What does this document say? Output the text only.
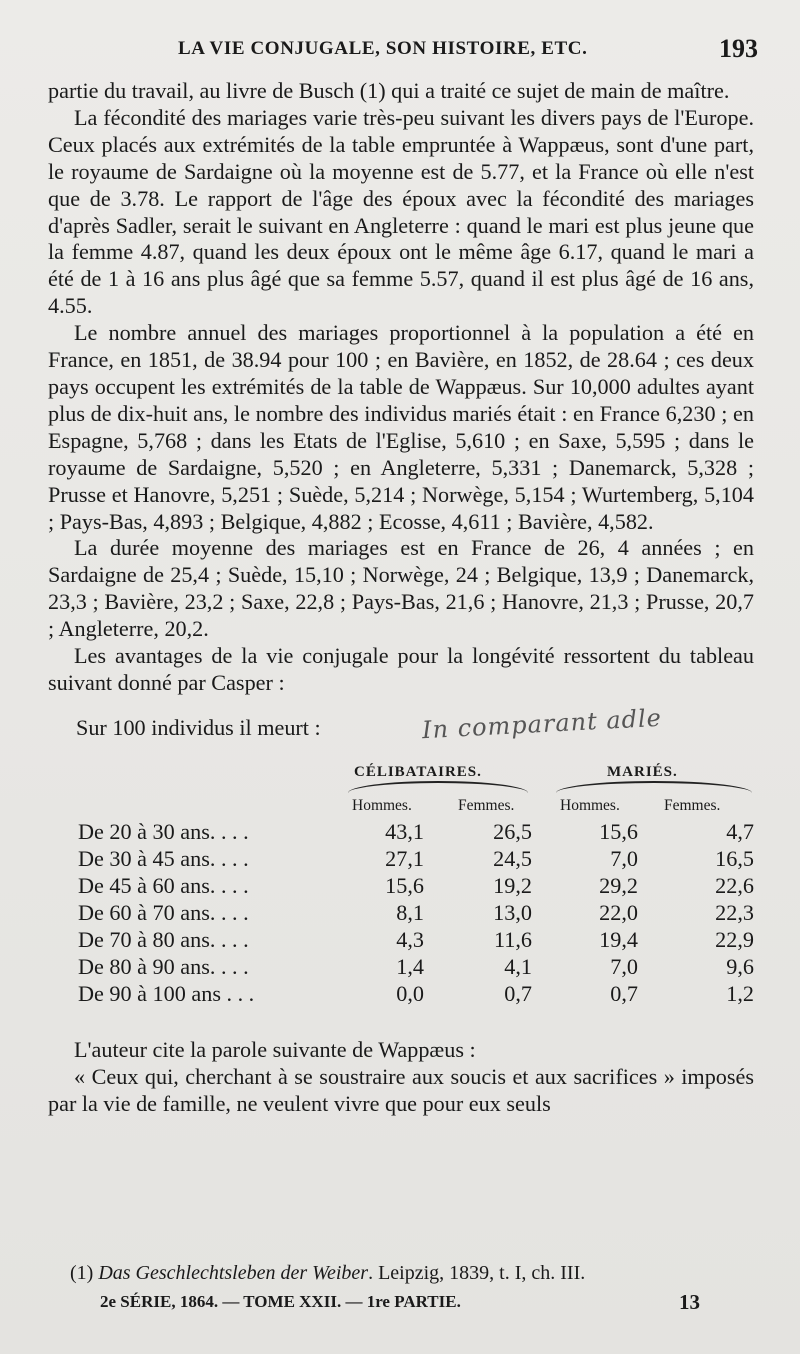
LA VIE CONJUGALE, SON HISTOIRE, ETC.	193

partie du travail, au livre de Busch (1) qui a traité ce sujet de main de maître.

La fécondité des mariages varie très-peu suivant les divers pays de l'Europe. Ceux placés aux extrémités de la table empruntée à Wappæus, sont d'une part, le royaume de Sardaigne où la moyenne est de 5.77, et la France où elle n'est que de 3.78. Le rapport de l'âge des époux avec la fécondité des mariages d'après Sadler, serait le suivant en Angleterre : quand le mari est plus jeune que la femme 4.87, quand les deux époux ont le même âge 6.17, quand le mari a été de 1 à 16 ans plus âgé que sa femme 5.57, quand il est plus âgé de 16 ans, 4.55.

Le nombre annuel des mariages proportionnel à la population a été en France, en 1851, de 38.94 pour 100 ; en Bavière, en 1852, de 28.64 ; ces deux pays occupent les extrémités de la table de Wappæus. Sur 10,000 adultes ayant plus de dix-huit ans, le nombre des individus mariés était : en France 6,230 ; en Espagne, 5,768 ; dans les Etats de l'Eglise, 5,610 ; en Saxe, 5,595 ; dans le royaume de Sardaigne, 5,520 ; en Angleterre, 5,331 ; Danemarck, 5,328 ; Prusse et Hanovre, 5,251 ; Suède, 5,214 ; Norwège, 5,154 ; Wurtemberg, 5,104 ; Pays-Bas, 4,893 ; Belgique, 4,882 ; Ecosse, 4,611 ; Bavière, 4,582.

La durée moyenne des mariages est en France de 26, 4 années ; en Sardaigne de 25,4 ; Suède, 15,10 ; Norwège, 24 ; Belgique, 13,9 ; Danemarck, 23,3 ; Bavière, 23,2 ; Saxe, 22,8 ; Pays-Bas, 21,6 ; Hanovre, 21,3 ; Prusse, 20,7 ; Angleterre, 20,2.

Les avantages de la vie conjugale pour la longévité ressortent du tableau suivant donné par Casper :

Sur 100 individus il meurt :	In comparant adle
CÉLIBATAIRES.	MARIÉS.
Hommes.	Femmes.	Hommes.	Femmes.
De 20 à 30 ans. . . .	43,1	26,5	15,6	4,7
De 30 à 45 ans. . . .	27,1	24,5	7,0	16,5
De 45 à 60 ans. . . .	15,6	19,2	29,2	22,6
De 60 à 70 ans. . . .	8,1	13,0	22,0	22,3
De 70 à 80 ans. . . .	4,3	11,6	19,4	22,9
De 80 à 90 ans. . . .	1,4	4,1	7,0	9,6
De 90 à 100 ans . . .	0,0	0,7	0,7	1,2

L'auteur cite la parole suivante de Wappæus :

« Ceux qui, cherchant à se soustraire aux soucis et aux sacrifices » imposés par la vie de famille, ne veulent vivre que pour eux seuls

(1) Das Geschlechtsleben der Weiber. Leipzig, 1839, t. I, ch. III.
2e SÉRIE, 1864. — TOME XXII. — 1re PARTIE.	13
